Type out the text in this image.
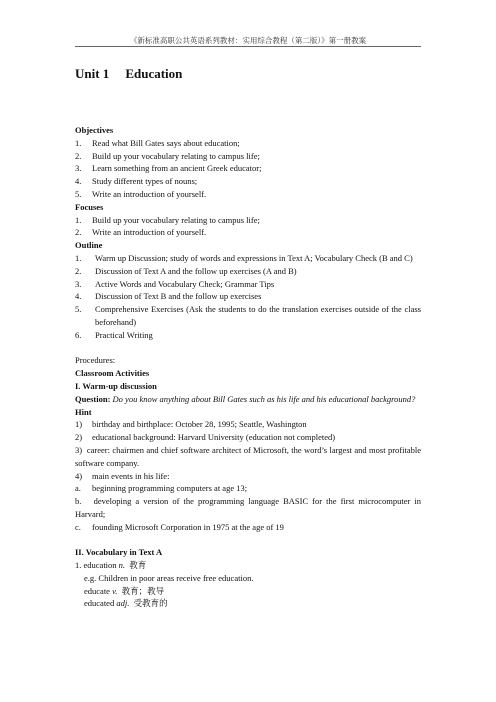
《新标准高职公共英语系列教材：实用综合教程（第二版）》第一册教案
Unit 1 Education

Objectives

1.	Read what Bill Gates says about education;
2.	Build up your vocabulary relating to campus life;
3.	Learn something from an ancient Greek educator;
4.	Study different types of nouns;
5.	Write an introduction of yourself.

Focuses

1.	Build up your vocabulary relating to campus life;
2.	Write an introduction of yourself.

Outline

1.	Warm up Discussion; study of words and expressions in Text A; Vocabulary Check (B and C)
2.	Discussion of Text A and the follow up exercises (A and B)
3.	Active Words and Vocabulary Check; Grammar Tips
4.	Discussion of Text B and the follow up exercises
5.	Comprehensive Exercises (Ask the students to do the translation exercises outside of the class beforehand)
6.	Practical Writing

Procedures:

Classroom Activities

I. Warm-up discussion

Question: Do you know anything about Bill Gates such as his life and his educational background?

Hint

1)	birthday and birthplace: October 28, 1995; Seattle, Washington
2)	educational background: Harvard University (education not completed)

3) career: chairmen and chief software architect of Microsoft, the word’s largest and most profitable software company.

4)	main events in his life:
a.	beginning programming computers at age 13;

b. developing a version of the programming language BASIC for the first microcomputer in Harvard;

c.	founding Microsoft Corporation in 1975 at the age of 19

II. Vocabulary in Text A

1. education n. 教育

e.g. Children in poor areas receive free education.

educate v. 教育；教导

educated adj. 受教育的
